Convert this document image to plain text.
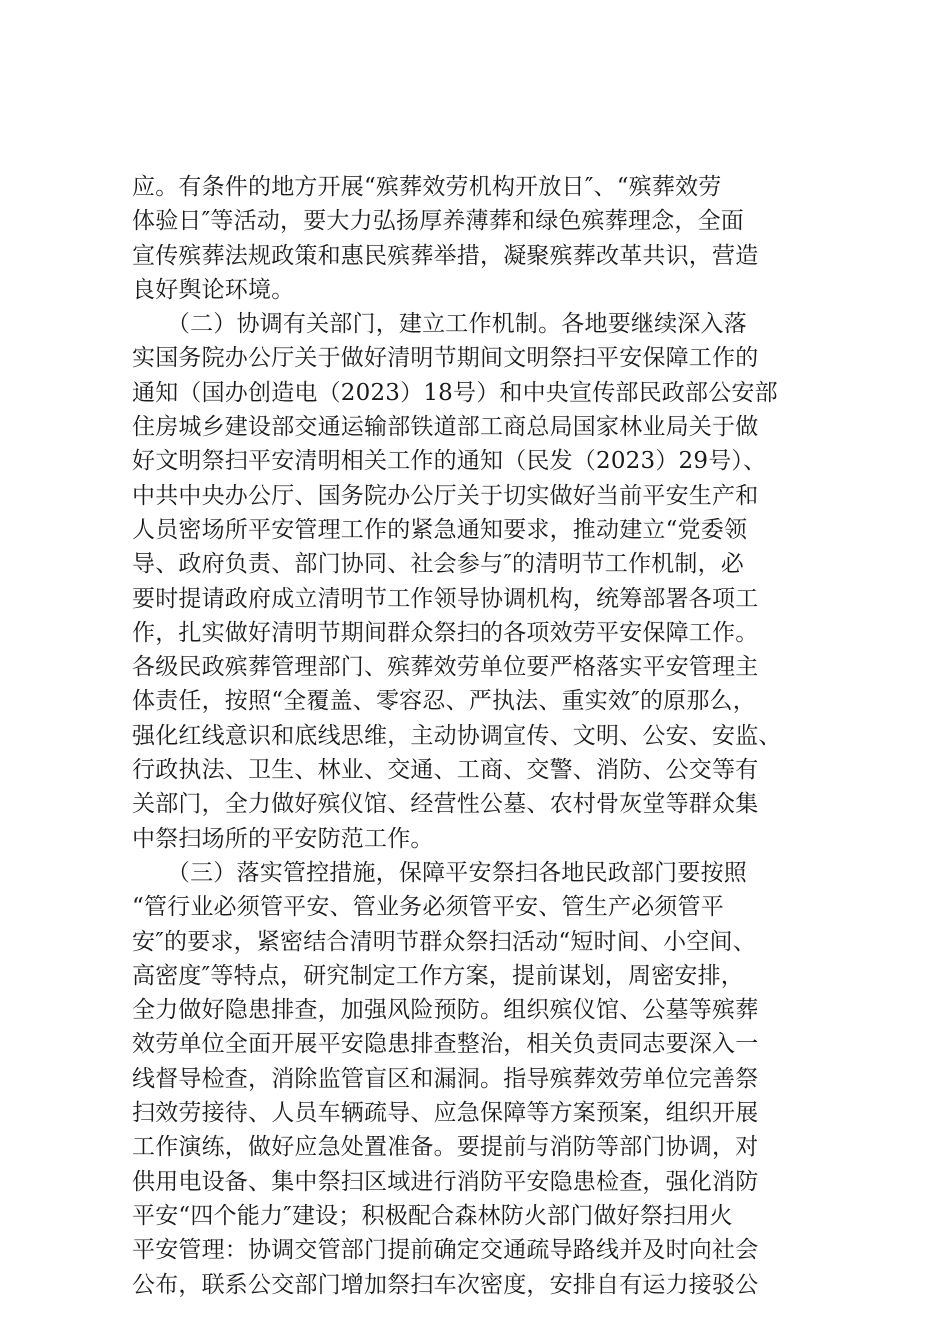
应。有条件的地方开展“殡葬效劳机构开放日″、“殡葬效劳
体验日″等活动，要大力弘扬厚养薄葬和绿色殡葬理念，全面
宣传殡葬法规政策和惠民殡葬举措，凝聚殡葬改革共识，营造
良好舆论环境。
　　（二）协调有关部门，建立工作机制。各地要继续深入落
实国务院办公厅关于做好清明节期间文明祭扫平安保障工作的
通知（国办创造电（2023）18号）和中央宣传部民政部公安部
住房城乡建设部交通运输部铁道部工商总局国家林业局关于做
好文明祭扫平安清明相关工作的通知（民发（2023）29号）、
中共中央办公厅、国务院办公厅关于切实做好当前平安生产和
人员密场所平安管理工作的紧急通知要求，推动建立“党委领
导、政府负责、部门协同、社会参与″的清明节工作机制，必
要时提请政府成立清明节工作领导协调机构，统筹部署各项工
作，扎实做好清明节期间群众祭扫的各项效劳平安保障工作。
各级民政殡葬管理部门、殡葬效劳单位要严格落实平安管理主
体责任，按照“全覆盖、零容忍、严执法、重实效″的原那么，
强化红线意识和底线思维，主动协调宣传、文明、公安、安监、
行政执法、卫生、林业、交通、工商、交警、消防、公交等有
关部门，全力做好殡仪馆、经营性公墓、农村骨灰堂等群众集
中祭扫场所的平安防范工作。
　　（三）落实管控措施，保障平安祭扫各地民政部门要按照
“管行业必须管平安、管业务必须管平安、管生产必须管平
安″的要求，紧密结合清明节群众祭扫活动“短时间、小空间、
高密度″等特点，研究制定工作方案，提前谋划，周密安排，
全力做好隐患排查，加强风险预防。组织殡仪馆、公墓等殡葬
效劳单位全面开展平安隐患排查整治，相关负责同志要深入一
线督导检查，消除监管盲区和漏洞。指导殡葬效劳单位完善祭
扫效劳接待、人员车辆疏导、应急保障等方案预案，组织开展
工作演练，做好应急处置准备。要提前与消防等部门协调，对
供用电设备、集中祭扫区域进行消防平安隐患检查，强化消防
平安“四个能力″建设；积极配合森林防火部门做好祭扫用火
平安管理：协调交管部门提前确定交通疏导路线并及时向社会
公布，联系公交部门增加祭扫车次密度，安排自有运力接驳公
